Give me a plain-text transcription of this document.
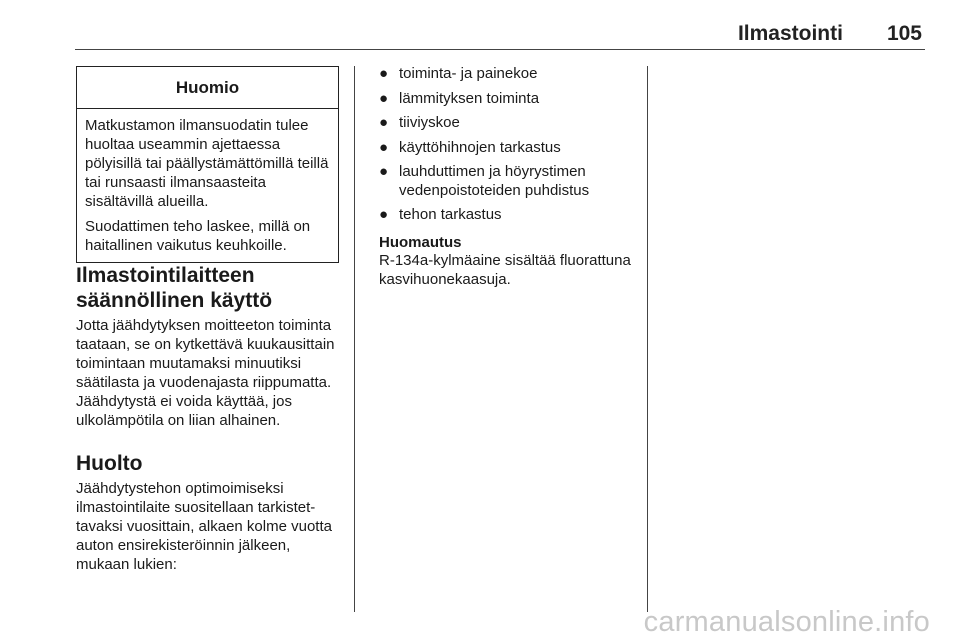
Ilmastointi 105
Huomio

Matkustamon ilmansuodatin tulee huoltaa useammin ajettaessa pölyisillä tai päällystämättömillä teillä tai runsaasti ilmansaasteita sisältävillä alueilla.

Suodattimen teho laskee, millä on haitallinen vaikutus keuhkoille.

Ilmastointilaitteen säännöllinen käyttö

Jotta jäähdytyksen moitteeton toiminta taataan, se on kytkettävä kuukausittain toimintaan muutamaksi minuutiksi säätilasta ja vuodenajasta riippumatta. Jäähdytystä ei voida käyttää, jos ulkolämpötila on liian alhainen.

Huolto

Jäähdytystehon optimoimiseksi ilmastointilaite suositellaan tarkistettavaksi vuosittain, alkaen kolme vuotta auton ensirekisteröinnin jälkeen, mukaan lukien:

● toiminta- ja painekoe
● lämmityksen toiminta
● tiiviyskoe
● käyttöhihnojen tarkastus
● lauhduttimen ja höyrystimen vedenpoistoteiden puhdistus
● tehon tarkastus
Huomautus
R-134a-kylmäaine sisältää fluorattuna kasvihuonekaasuja.
carmanualsonline.info
